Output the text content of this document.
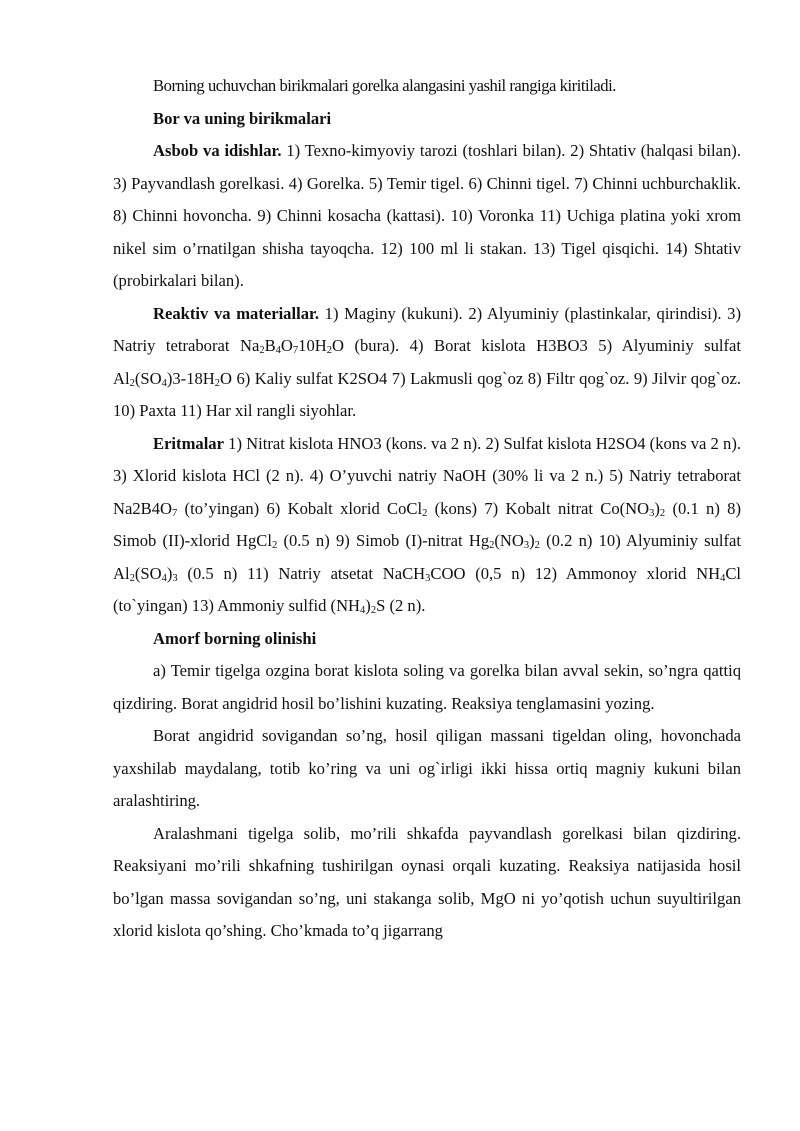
Borning uchuvchan birikmalari gorelka alangasini yashil rangiga kiritiladi.

Bor va uning birikmalari

Asbob va idishlar. 1) Texno-kimyoviy tarozi (toshlari bilan). 2) Shtativ (halqasi bilan). 3) Payvandlash gorelkasi. 4) Gorelka. 5) Temir tigel. 6) Chinni tigel. 7) Chinni uchburchaklik. 8) Chinni hovoncha. 9) Chinni kosacha (kattasi). 10) Voronka 11) Uchiga platina yoki xrom nikel sim o’rnatilgan shisha tayoqcha. 12) 100 ml li stakan. 13) Tigel qisqichi. 14) Shtativ (probirkalari bilan).

Reaktiv va materiallar. 1) Maginy (kukuni). 2) Alyuminiy (plastinkalar, qirindisi). 3) Natriy tetraborat $Na_2B_4O_710H_2O$ (bura). 4) Borat kislota H3BO3 5) Alyuminiy sulfat $Al_2(SO_4)3-18H_2O$ 6) Kaliy sulfat K2SO4 7) Lakmusli qog`oz 8) Filtr qog`oz. 9) Jilvir qog`oz. 10) Paxta 11) Har xil rangli siyohlar.

Eritmalar 1) Nitrat kislota HNO3 (kons. va 2 n). 2) Sulfat kislota H2SO4 (kons va 2 n). 3) Xlorid kislota HCl (2 n). 4) O’yuvchi natriy NaOH (30% li va 2 n.) 5) Natriy tetraborat $Na2B4O_7$ (to’yingan) 6) Kobalt xlorid CoCl$_2$ (kons) 7) Kobalt nitrat $Co(NO_3)_2$ (0.1 n) 8) Simob (II)-xlorid HgCl$_2$ (0.5 n) 9) Simob (I)-nitrat $Hg_2(NO_3)_2$ (0.2 n) 10) Alyuminiy sulfat $Al_2(SO_4)_3$ (0.5 n) 11) Natriy atsetat NaCH$_3$COO (0,5 n) 12) Ammonoy xlorid $NH_4Cl$ (to`yingan) 13) Ammoniy sulfid $(NH_4)_2S$ (2 n).

Amorf borning olinishi

a) Temir tigelga ozgina borat kislota soling va gorelka bilan avval sekin, so’ngra qattiq qizdiring. Borat angidrid hosil bo’lishini kuzating. Reaksiya tenglamasini yozing.

Borat angidrid sovigandan so’ng, hosil qiligan massani tigeldan oling, hovonchada yaxshilab maydalang, totib ko’ring va uni og`irligi ikki hissa ortiq magniy kukuni bilan aralashtiring.

Aralashmani tigelga solib, mo’rili shkafda payvandlash gorelkasi bilan qizdiring. Reaksiyani mo’rili shkafning tushirilgan oynasi orqali kuzating. Reaksiya natijasida hosil bo’lgan massa sovigandan so’ng, uni stakanga solib, MgO ni yo’qotish uchun suyultirilgan xlorid kislota qo’shing. Cho’kmada to’q jigarrang
